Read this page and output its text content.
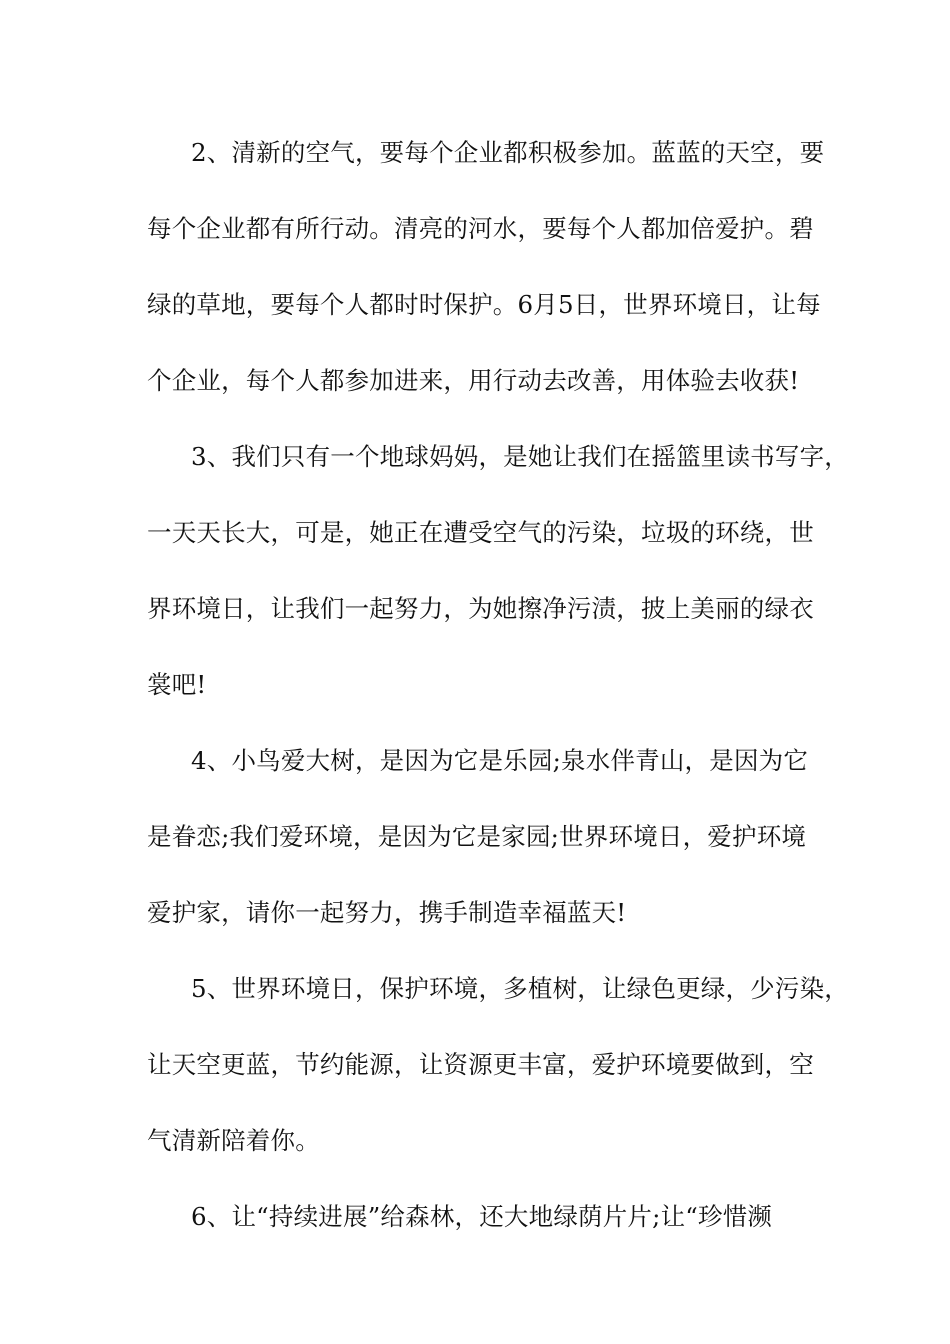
2、清新的空气，要每个企业都积极参加。蓝蓝的天空，要
每个企业都有所行动。清亮的河水，要每个人都加倍爱护。碧
绿的草地，要每个人都时时保护。6月5日，世界环境日，让每
个企业，每个人都参加进来，用行动去改善，用体验去收获!

3、我们只有一个地球妈妈，是她让我们在摇篮里读书写字，
一天天长大，可是，她正在遭受空气的污染，垃圾的环绕，世
界环境日，让我们一起努力，为她擦净污渍，披上美丽的绿衣
裳吧!

4、小鸟爱大树，是因为它是乐园;泉水伴青山，是因为它
是眷恋;我们爱环境，是因为它是家园;世界环境日，爱护环境
爱护家，请你一起努力，携手制造幸福蓝天!

5、世界环境日，保护环境，多植树，让绿色更绿，少污染，
让天空更蓝，节约能源，让资源更丰富，爱护环境要做到，空
气清新陪着你。

6、让“持续进展”给森林，还大地绿荫片片;让“珍惜濒
